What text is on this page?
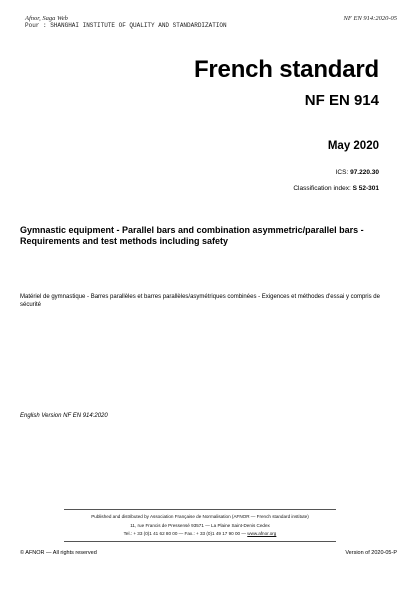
Afnor, Saga Web
Pour : SHANGHAI INSTITUTE OF QUALITY AND STANDARDIZATION
NF EN 914:2020-05
French standard
NF EN 914
May 2020
ICS: 97.220.30
Classification index: S 52-301
Gymnastic equipment - Parallel bars and combination asymmetric/parallel bars - Requirements and test methods including safety
Matériel de gymnastique - Barres parallèles et barres parallèles/asymétriques combinées - Exigences et méthodes d'essai y compris de sécurité
English Version NF EN 914:2020
Published and distributed by Association Française de Normalisation (AFNOR — French standard institute)
11, rue Francis de Pressensé 93571 — La Plaine Saint-Denis Cedex
Tel.: + 33 (0)1 41 62 80 00 — Fax.: + 33 (0)1 49 17 90 00 — www.afnor.org
© AFNOR — All rights reserved	Version of 2020-05-P
